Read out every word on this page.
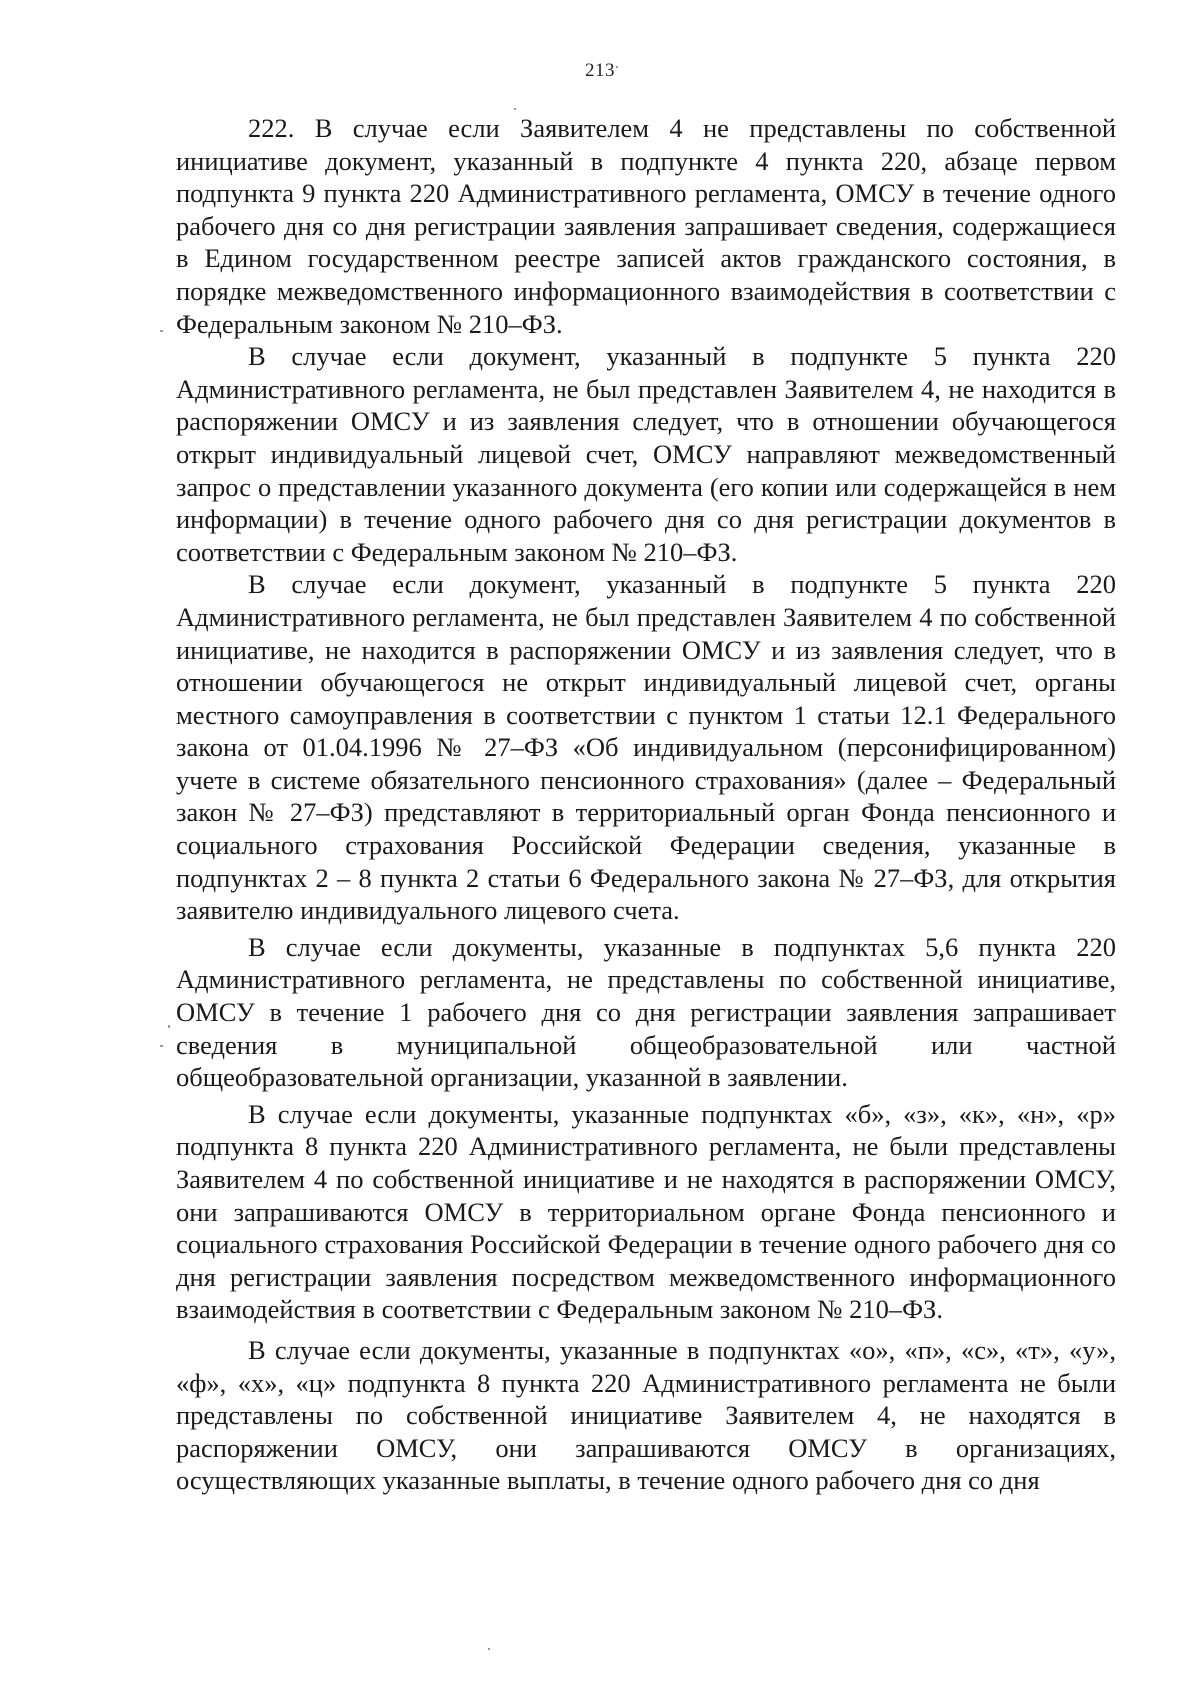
213

222. В случае если Заявителем 4 не представлены по собственной инициативе документ, указанный в подпункте 4 пункта 220, абзаце первом подпункта 9 пункта 220 Административного регламента, ОМСУ в течение одного рабочего дня со дня регистрации заявления запрашивает сведения, содержащиеся в Едином государственном реестре записей актов гражданского состояния, в порядке межведомственного информационного взаимодействия в соответствии с Федеральным законом № 210–ФЗ.

В случае если документ, указанный в подпункте 5 пункта 220 Административного регламента, не был представлен Заявителем 4, не находится в распоряжении ОМСУ и из заявления следует, что в отношении обучающегося открыт индивидуальный лицевой счет, ОМСУ направляют межведомственный запрос о представлении указанного документа (его копии или содержащейся в нем информации) в течение одного рабочего дня со дня регистрации документов в соответствии с Федеральным законом № 210–ФЗ.

В случае если документ, указанный в подпункте 5 пункта 220 Административного регламента, не был представлен Заявителем 4 по собственной инициативе, не находится в распоряжении ОМСУ и из заявления следует, что в отношении обучающегося не открыт индивидуальный лицевой счет, органы местного самоуправления в соответствии с пунктом 1 статьи 12.1 Федерального закона от 01.04.1996 № 27–ФЗ «Об индивидуальном (персонифицированном) учете в системе обязательного пенсионного страхования» (далее – Федеральный закон № 27–ФЗ) представляют в территориальный орган Фонда пенсионного и социального страхования Российской Федерации сведения, указанные в подпунктах 2 – 8 пункта 2 статьи 6 Федерального закона № 27–ФЗ, для открытия заявителю индивидуального лицевого счета.

В случае если документы, указанные в подпунктах 5,6 пункта 220 Административного регламента, не представлены по собственной инициативе, ОМСУ в течение 1 рабочего дня со дня регистрации заявления запрашивает сведения в муниципальной общеобразовательной или частной общеобразовательной организации, указанной в заявлении.

В случае если документы, указанные подпунктах «б», «з», «к», «н», «р» подпункта 8 пункта 220 Административного регламента, не были представлены Заявителем 4 по собственной инициативе и не находятся в распоряжении ОМСУ, они запрашиваются ОМСУ в территориальном органе Фонда пенсионного и социального страхования Российской Федерации в течение одного рабочего дня со дня регистрации заявления посредством межведомственного информационного взаимодействия в соответствии с Федеральным законом № 210–ФЗ.

В случае если документы, указанные в подпунктах «о», «п», «с», «т», «у», «ф», «х», «ц» подпункта 8 пункта 220 Административного регламента не были представлены по собственной инициативе Заявителем 4, не находятся в распоряжении ОМСУ, они запрашиваются ОМСУ в организациях, осуществляющих указанные выплаты, в течение одного рабочего дня со дня
